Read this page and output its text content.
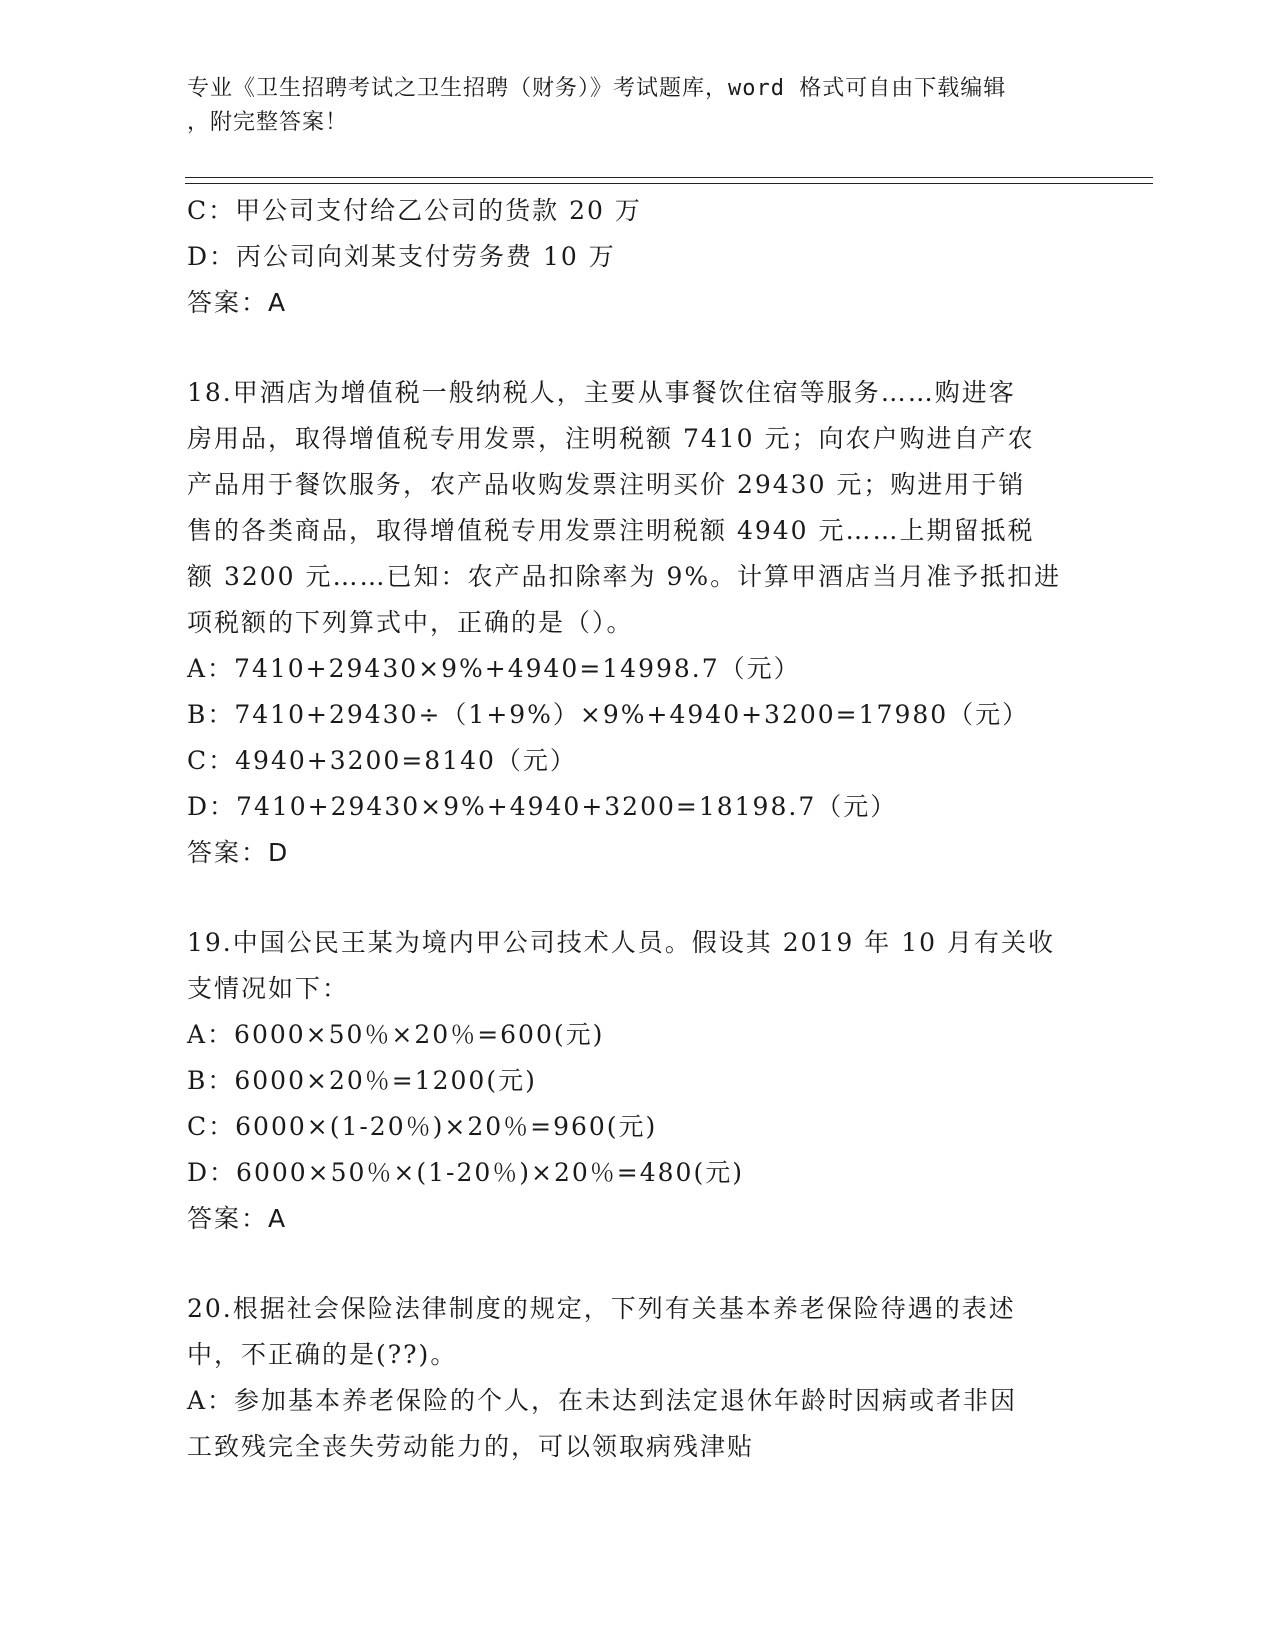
专业《卫生招聘考试之卫生招聘（财务）》考试题库，word 格式可自由下载编辑
，附完整答案！
C：甲公司支付给乙公司的货款 20 万
D：丙公司向刘某支付劳务费 10 万
答案：A
18.甲酒店为增值税一般纳税人，主要从事餐饮住宿等服务……购进客
房用品，取得增值税专用发票，注明税额 7410 元；向农户购进自产农
产品用于餐饮服务，农产品收购发票注明买价 29430 元；购进用于销
售的各类商品，取得增值税专用发票注明税额 4940 元……上期留抵税
额 3200 元……已知：农产品扣除率为 9%。计算甲酒店当月准予抵扣进
项税额的下列算式中，正确的是（）。
A：7410+29430×9%+4940=14998.7（元）
B：7410+29430÷（1+9%）×9%+4940+3200=17980（元）
C：4940+3200=8140（元）
D：7410+29430×9%+4940+3200=18198.7（元）
答案：D
19.中国公民王某为境内甲公司技术人员。假设其 2019 年 10 月有关收
支情况如下：
A：6000×50％×20％=600(元)
B：6000×20％=1200(元)
C：6000×(1-20％)×20％=960(元)
D：6000×50％×(1-20％)×20％=480(元)
答案：A
20.根据社会保险法律制度的规定，下列有关基本养老保险待遇的表述
中，不正确的是(??)。
A：参加基本养老保险的个人，在未达到法定退休年龄时因病或者非因
工致残完全丧失劳动能力的，可以领取病残津贴
